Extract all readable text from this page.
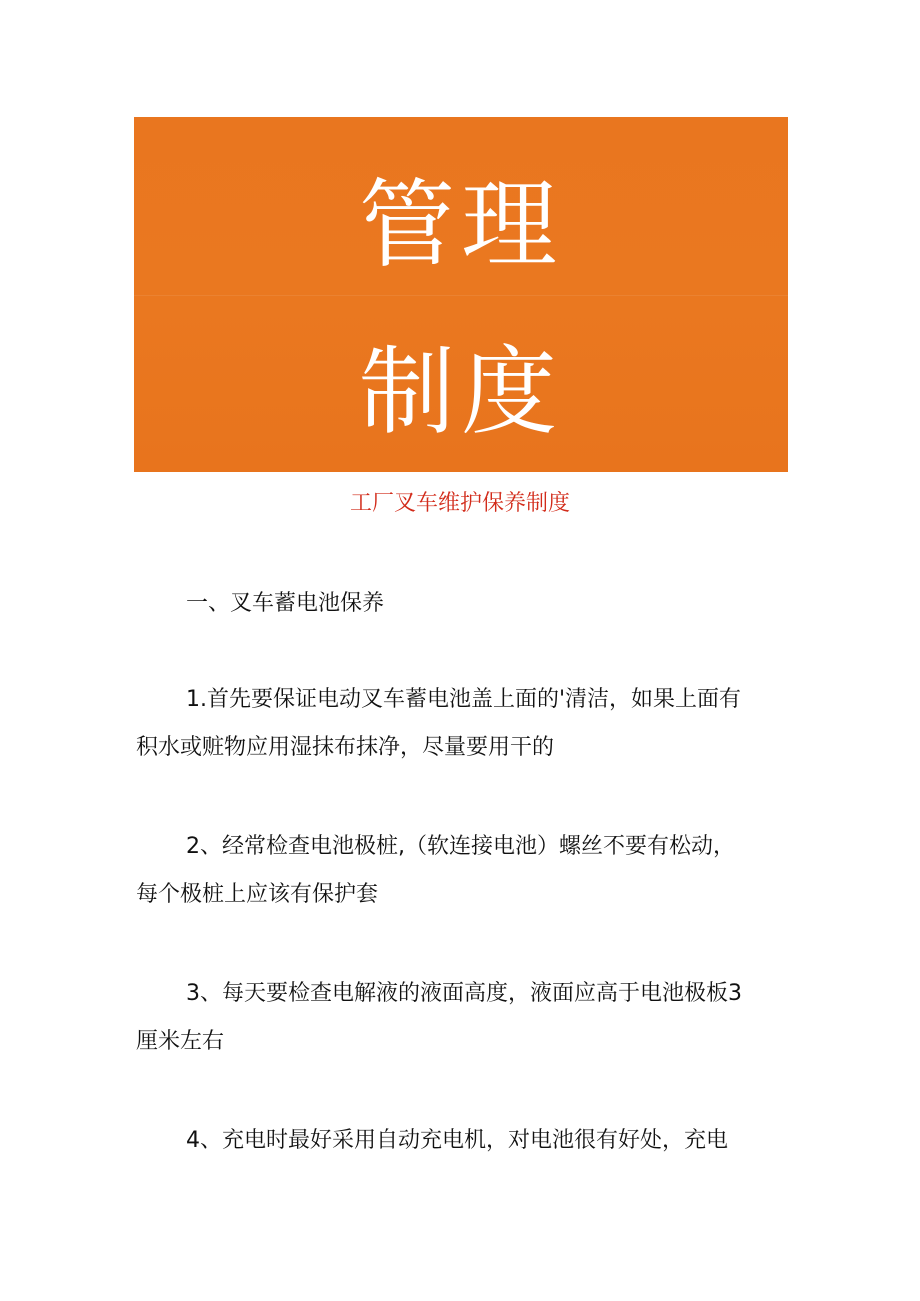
管理
制度
工厂叉车维护保养制度
一、叉车蓄电池保养
1.首先要保证电动叉车蓄电池盖上面的'清洁，如果上面有
积水或赃物应用湿抹布抹净，尽量要用干的
2、经常检查电池极桩,（软连接电池）螺丝不要有松动，
每个极桩上应该有保护套
3、每天要检查电解液的液面高度，液面应高于电池极板3
厘米左右
4、充电时最好采用自动充电机，对电池很有好处，充电
